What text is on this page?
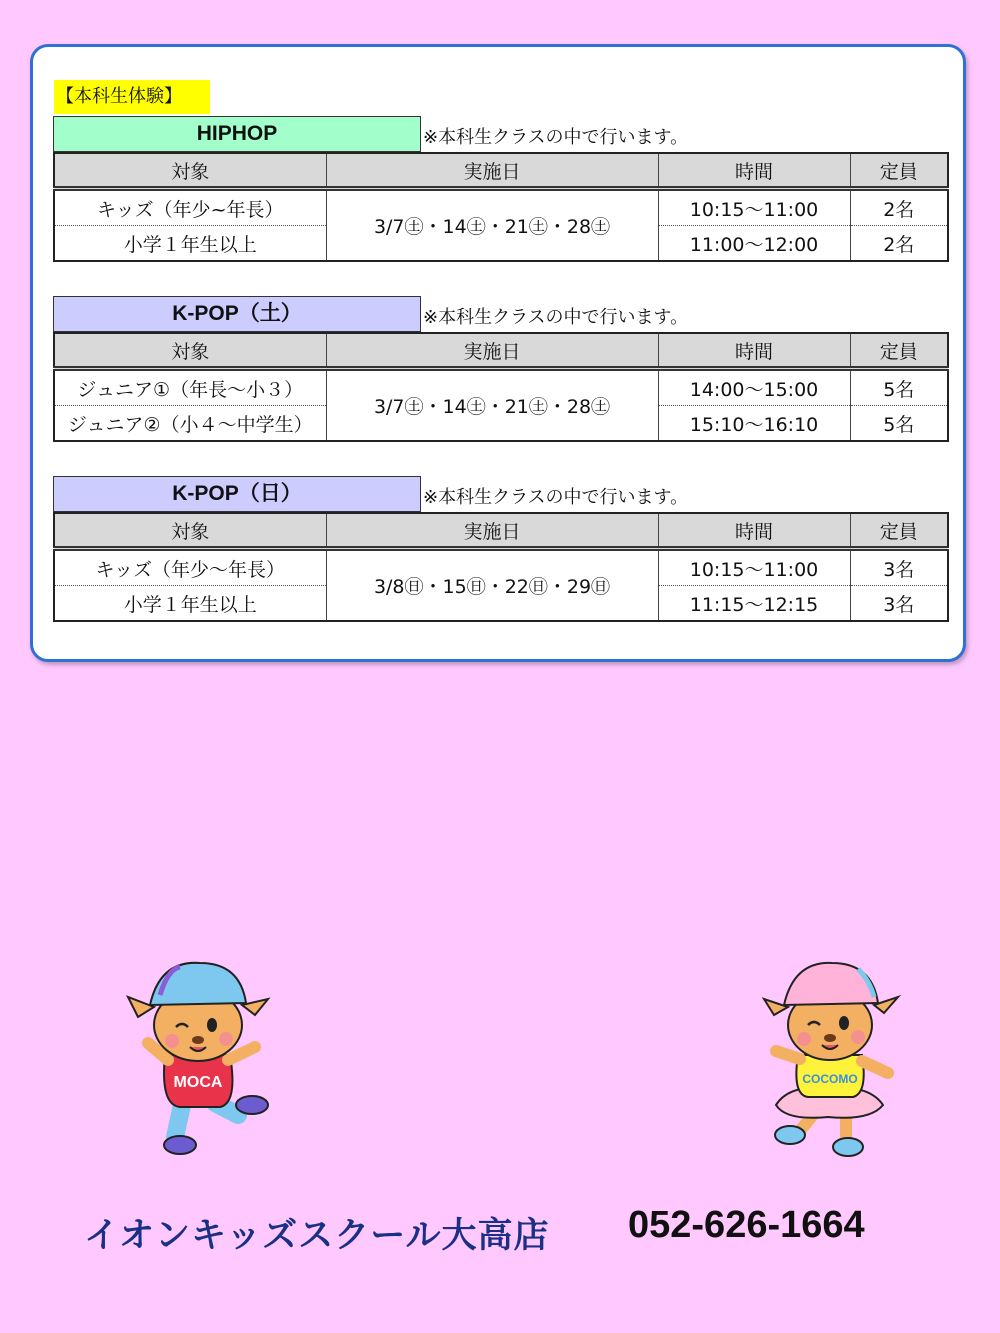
【本科生体験】
HIPHOP	※本科生クラスの中で行います。
対象	実施日	時間	定員
キッズ（年少~年長）	3/7㊏・14㊏・21㊏・28㊏	10:15～11:00	2名
小学１年生以上		11:00～12:00	2名
K-POP（土）	※本科生クラスの中で行います。
対象	実施日	時間	定員
ジュニア①（年長～小３）	3/7㊏・14㊏・21㊏・28㊏	14:00～15:00	5名
ジュニア②（小４～中学生）		15:10～16:10	5名
K-POP（日）	※本科生クラスの中で行います。
対象	実施日	時間	定員
キッズ（年少～年長）	3/8㊐・15㊐・22㊐・29㊐	10:15～11:00	3名
小学１年生以上		11:15～12:15	3名
MOCA	COCOMO
イオンキッズスクール大高店 052-626-1664
